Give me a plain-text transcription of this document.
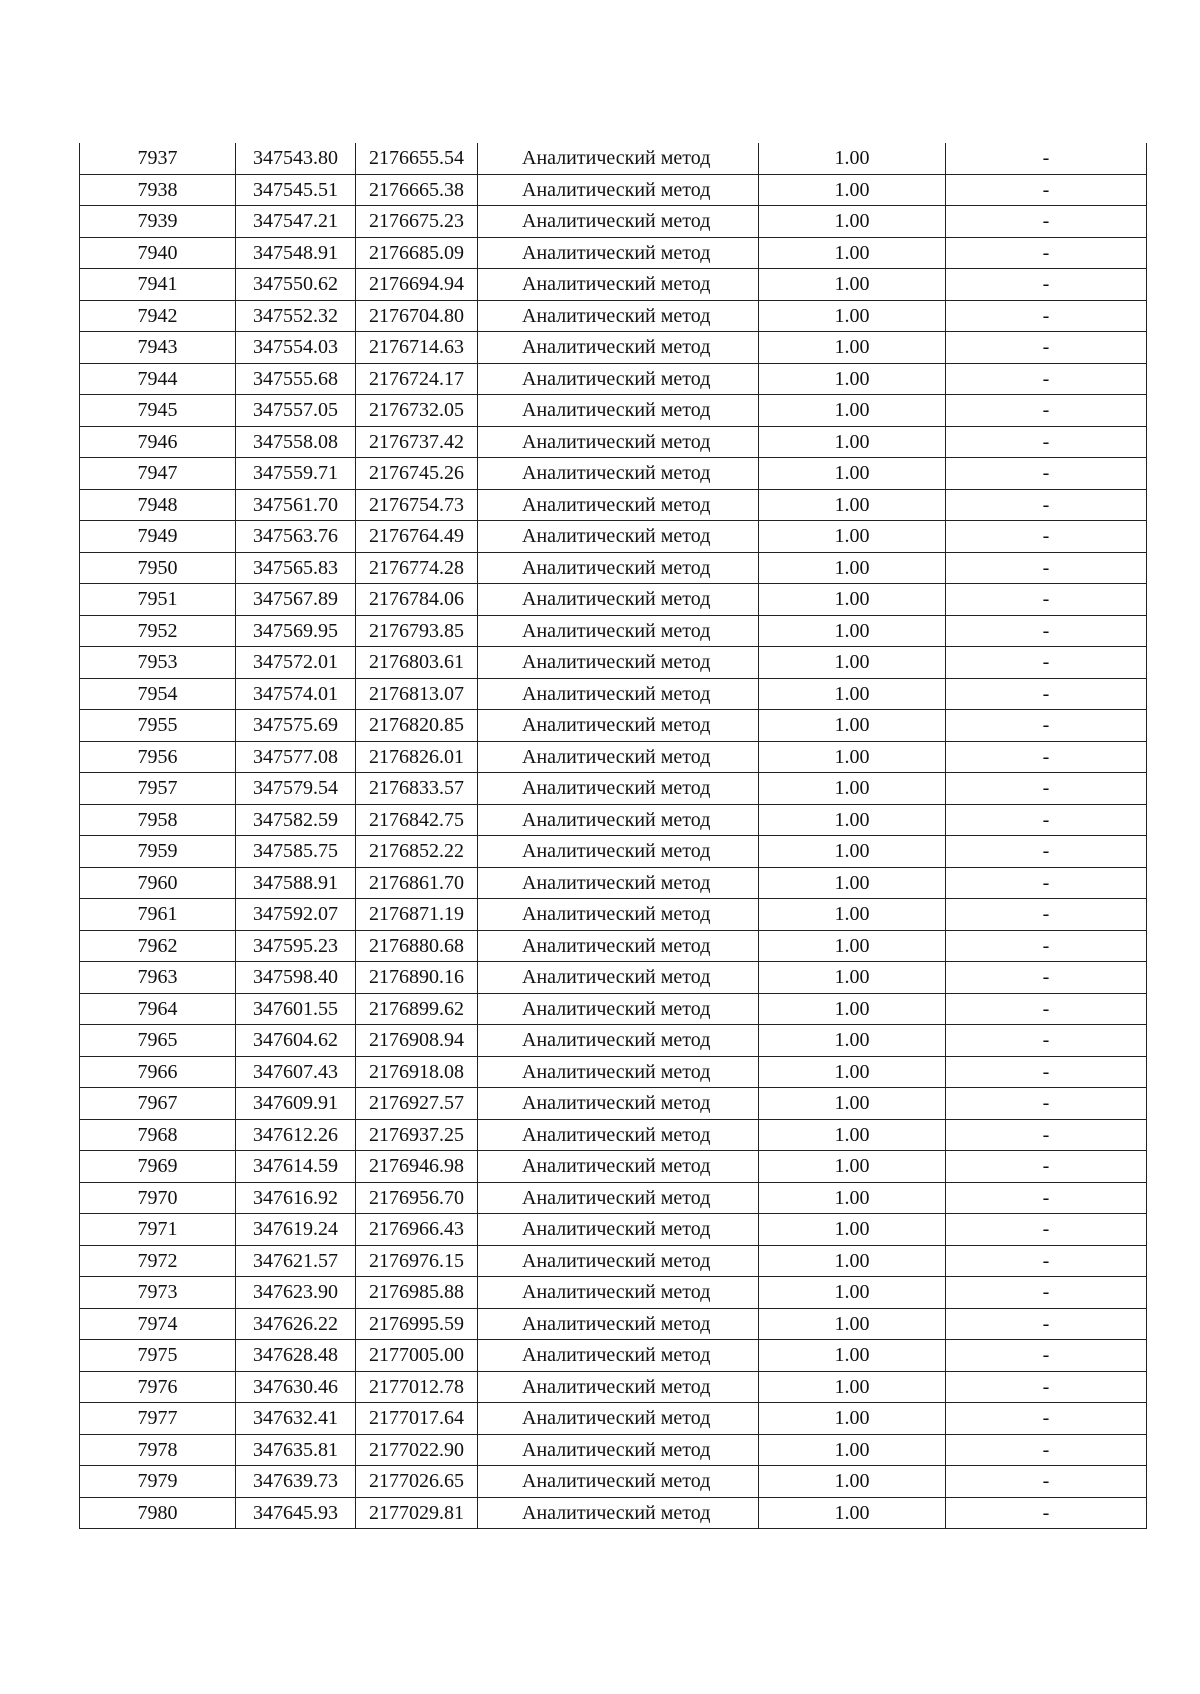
7937	347543.80	2176655.54	Аналитический метод	1.00	-
7938	347545.51	2176665.38	Аналитический метод	1.00	-
7939	347547.21	2176675.23	Аналитический метод	1.00	-
7940	347548.91	2176685.09	Аналитический метод	1.00	-
7941	347550.62	2176694.94	Аналитический метод	1.00	-
7942	347552.32	2176704.80	Аналитический метод	1.00	-
7943	347554.03	2176714.63	Аналитический метод	1.00	-
7944	347555.68	2176724.17	Аналитический метод	1.00	-
7945	347557.05	2176732.05	Аналитический метод	1.00	-
7946	347558.08	2176737.42	Аналитический метод	1.00	-
7947	347559.71	2176745.26	Аналитический метод	1.00	-
7948	347561.70	2176754.73	Аналитический метод	1.00	-
7949	347563.76	2176764.49	Аналитический метод	1.00	-
7950	347565.83	2176774.28	Аналитический метод	1.00	-
7951	347567.89	2176784.06	Аналитический метод	1.00	-
7952	347569.95	2176793.85	Аналитический метод	1.00	-
7953	347572.01	2176803.61	Аналитический метод	1.00	-
7954	347574.01	2176813.07	Аналитический метод	1.00	-
7955	347575.69	2176820.85	Аналитический метод	1.00	-
7956	347577.08	2176826.01	Аналитический метод	1.00	-
7957	347579.54	2176833.57	Аналитический метод	1.00	-
7958	347582.59	2176842.75	Аналитический метод	1.00	-
7959	347585.75	2176852.22	Аналитический метод	1.00	-
7960	347588.91	2176861.70	Аналитический метод	1.00	-
7961	347592.07	2176871.19	Аналитический метод	1.00	-
7962	347595.23	2176880.68	Аналитический метод	1.00	-
7963	347598.40	2176890.16	Аналитический метод	1.00	-
7964	347601.55	2176899.62	Аналитический метод	1.00	-
7965	347604.62	2176908.94	Аналитический метод	1.00	-
7966	347607.43	2176918.08	Аналитический метод	1.00	-
7967	347609.91	2176927.57	Аналитический метод	1.00	-
7968	347612.26	2176937.25	Аналитический метод	1.00	-
7969	347614.59	2176946.98	Аналитический метод	1.00	-
7970	347616.92	2176956.70	Аналитический метод	1.00	-
7971	347619.24	2176966.43	Аналитический метод	1.00	-
7972	347621.57	2176976.15	Аналитический метод	1.00	-
7973	347623.90	2176985.88	Аналитический метод	1.00	-
7974	347626.22	2176995.59	Аналитический метод	1.00	-
7975	347628.48	2177005.00	Аналитический метод	1.00	-
7976	347630.46	2177012.78	Аналитический метод	1.00	-
7977	347632.41	2177017.64	Аналитический метод	1.00	-
7978	347635.81	2177022.90	Аналитический метод	1.00	-
7979	347639.73	2177026.65	Аналитический метод	1.00	-
7980	347645.93	2177029.81	Аналитический метод	1.00	-
